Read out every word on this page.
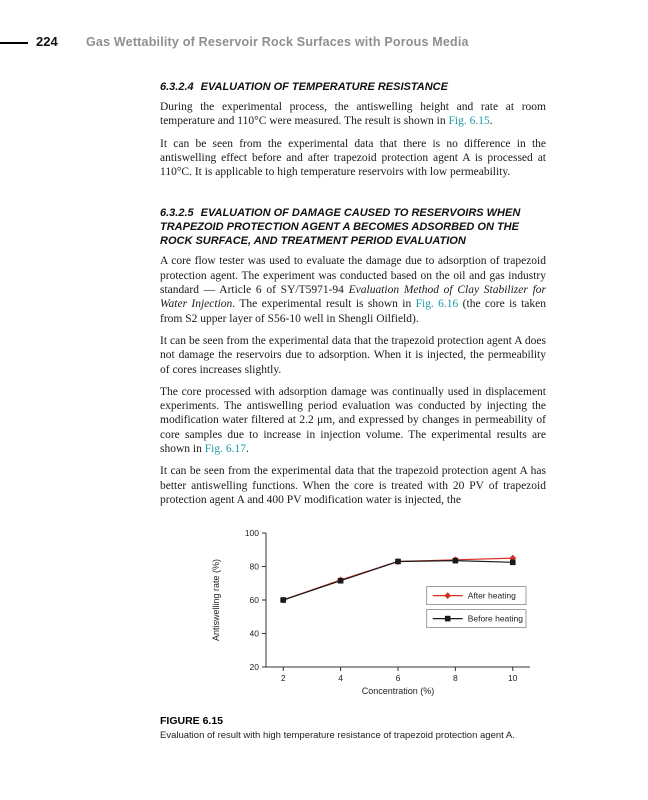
224 Gas Wettability of Reservoir Rock Surfaces with Porous Media
6.3.2.4 EVALUATION OF TEMPERATURE RESISTANCE

During the experimental process, the antiswelling height and rate at room temperature and 110°C were measured. The result is shown in Fig. 6.15.

It can be seen from the experimental data that there is no difference in the antiswelling effect before and after trapezoid protection agent A is processed at 110°C. It is applicable to high temperature reservoirs with low permeability.

6.3.2.5 EVALUATION OF DAMAGE CAUSED TO RESERVOIRS WHEN TRAPEZOID PROTECTION AGENT A BECOMES ADSORBED ON THE ROCK SURFACE, AND TREATMENT PERIOD EVALUATION

A core flow tester was used to evaluate the damage due to adsorption of trapezoid protection agent. The experiment was conducted based on the oil and gas industry standard — Article 6 of SY/T5971-94 Evaluation Method of Clay Stabilizer for Water Injection. The experimental result is shown in Fig. 6.16 (the core is taken from S2 upper layer of S56-10 well in Shengli Oilfield).

It can be seen from the experimental data that the trapezoid protection agent A does not damage the reservoirs due to adsorption. When it is injected, the permeability of cores increases slightly.

The core processed with adsorption damage was continually used in displacement experiments. The antiswelling period evaluation was conducted by injecting the modification water filtered at 2.2 μm, and expressed by changes in permeability of core samples due to increase in injection volume. The experimental results are shown in Fig. 6.17.

It can be seen from the experimental data that the trapezoid protection agent A has better antiswelling functions. When the core is treated with 20 PV of trapezoid protection agent A and 400 PV modification water is injected, the

20
40
60
80
100
2	4	6	8	10
Concentration (%)
Antiswelling rate (%)	After heating
Before heating
FIGURE 6.15

Evaluation of result with high temperature resistance of trapezoid protection agent A.
